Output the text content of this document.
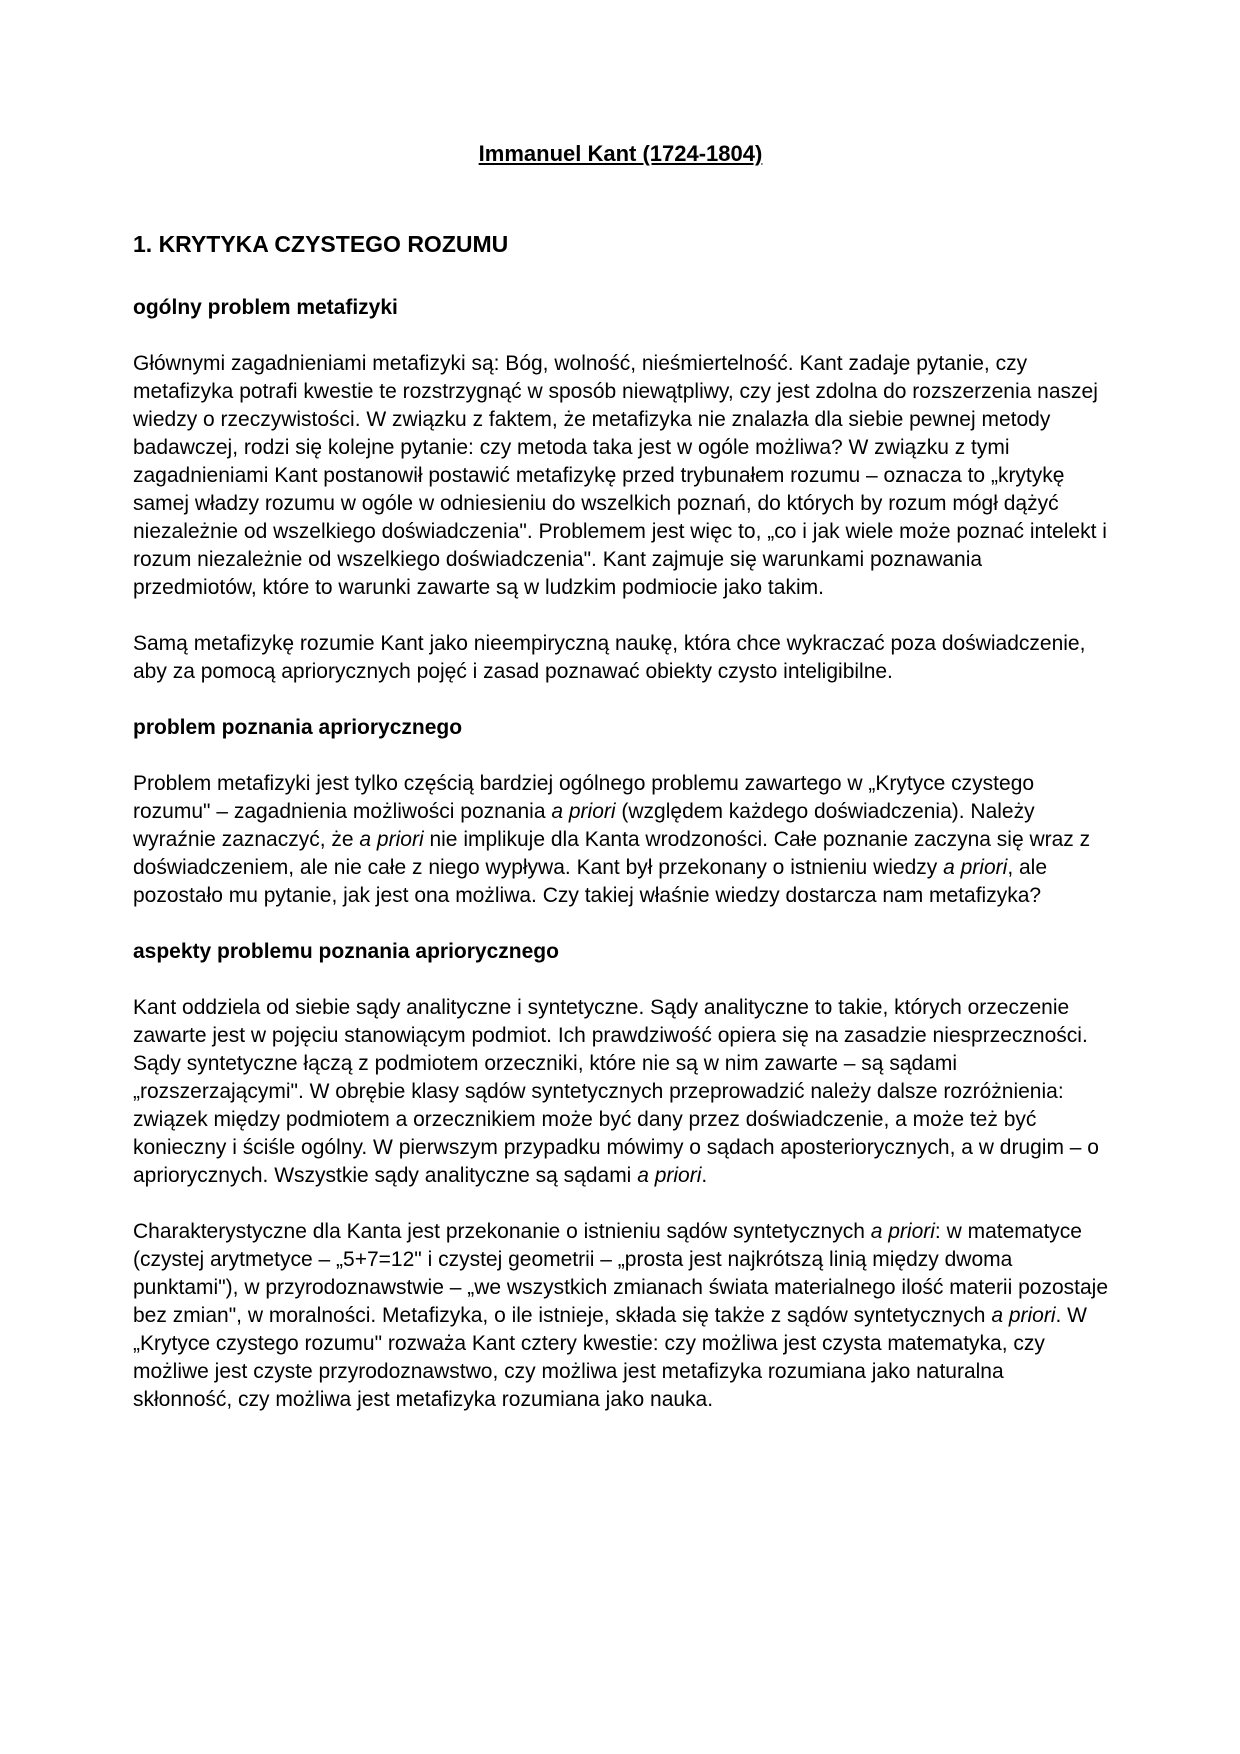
Immanuel Kant (1724-1804)
1. KRYTYKA CZYSTEGO ROZUMU
ogólny problem metafizyki

Głównymi zagadnieniami metafizyki są: Bóg, wolność, nieśmiertelność. Kant zadaje pytanie, czy metafizyka potrafi kwestie te rozstrzygnąć w sposób niewątpliwy, czy jest zdolna do rozszerzenia naszej wiedzy o rzeczywistości. W związku z faktem, że metafizyka nie znalazła dla siebie pewnej metody badawczej, rodzi się kolejne pytanie: czy metoda taka jest w ogóle możliwa? W związku z tymi zagadnieniami Kant postanowił postawić metafizykę przed trybunałem rozumu – oznacza to „krytykę samej władzy rozumu w ogóle w odniesieniu do wszelkich poznań, do których by rozum mógł dążyć niezależnie od wszelkiego doświadczenia". Problemem jest więc to, „co i jak wiele może poznać intelekt i rozum niezależnie od wszelkiego doświadczenia". Kant zajmuje się warunkami poznawania przedmiotów, które to warunki zawarte są w ludzkim podmiocie jako takim.

Samą metafizykę rozumie Kant jako nieempiryczną naukę, która chce wykraczać poza doświadczenie, aby za pomocą apriorycznych pojęć i zasad poznawać obiekty czysto inteligibilne.

problem poznania apriorycznego

Problem metafizyki jest tylko częścią bardziej ogólnego problemu zawartego w „Krytyce czystego rozumu" – zagadnienia możliwości poznania a priori (względem każdego doświadczenia). Należy wyraźnie zaznaczyć, że a priori nie implikuje dla Kanta wrodzoności. Całe poznanie zaczyna się wraz z doświadczeniem, ale nie całe z niego wypływa. Kant był przekonany o istnieniu wiedzy a priori, ale pozostało mu pytanie, jak jest ona możliwa. Czy takiej właśnie wiedzy dostarcza nam metafizyka?

aspekty problemu poznania apriorycznego

Kant oddziela od siebie sądy analityczne i syntetyczne. Sądy analityczne to takie, których orzeczenie zawarte jest w pojęciu stanowiącym podmiot. Ich prawdziwość opiera się na zasadzie niesprzeczności. Sądy syntetyczne łączą z podmiotem orzeczniki, które nie są w nim zawarte – są sądami „rozszerzającymi". W obrębie klasy sądów syntetycznych przeprowadzić należy dalsze rozróżnienia: związek między podmiotem a orzecznikiem może być dany przez doświadczenie, a może też być konieczny i ściśle ogólny. W pierwszym przypadku mówimy o sądach aposteriorycznych, a w drugim – o apriorycznych. Wszystkie sądy analityczne są sądami a priori.

Charakterystyczne dla Kanta jest przekonanie o istnieniu sądów syntetycznych a priori: w matematyce (czystej arytmetyce – „5+7=12" i czystej geometrii – „prosta jest najkrótszą linią między dwoma punktami"), w przyrodoznawstwie – „we wszystkich zmianach świata materialnego ilość materii pozostaje bez zmian", w moralności. Metafizyka, o ile istnieje, składa się także z sądów syntetycznych a priori. W „Krytyce czystego rozumu" rozważa Kant cztery kwestie: czy możliwa jest czysta matematyka, czy możliwe jest czyste przyrodoznawstwo, czy możliwa jest metafizyka rozumiana jako naturalna skłonność, czy możliwa jest metafizyka rozumiana jako nauka.
